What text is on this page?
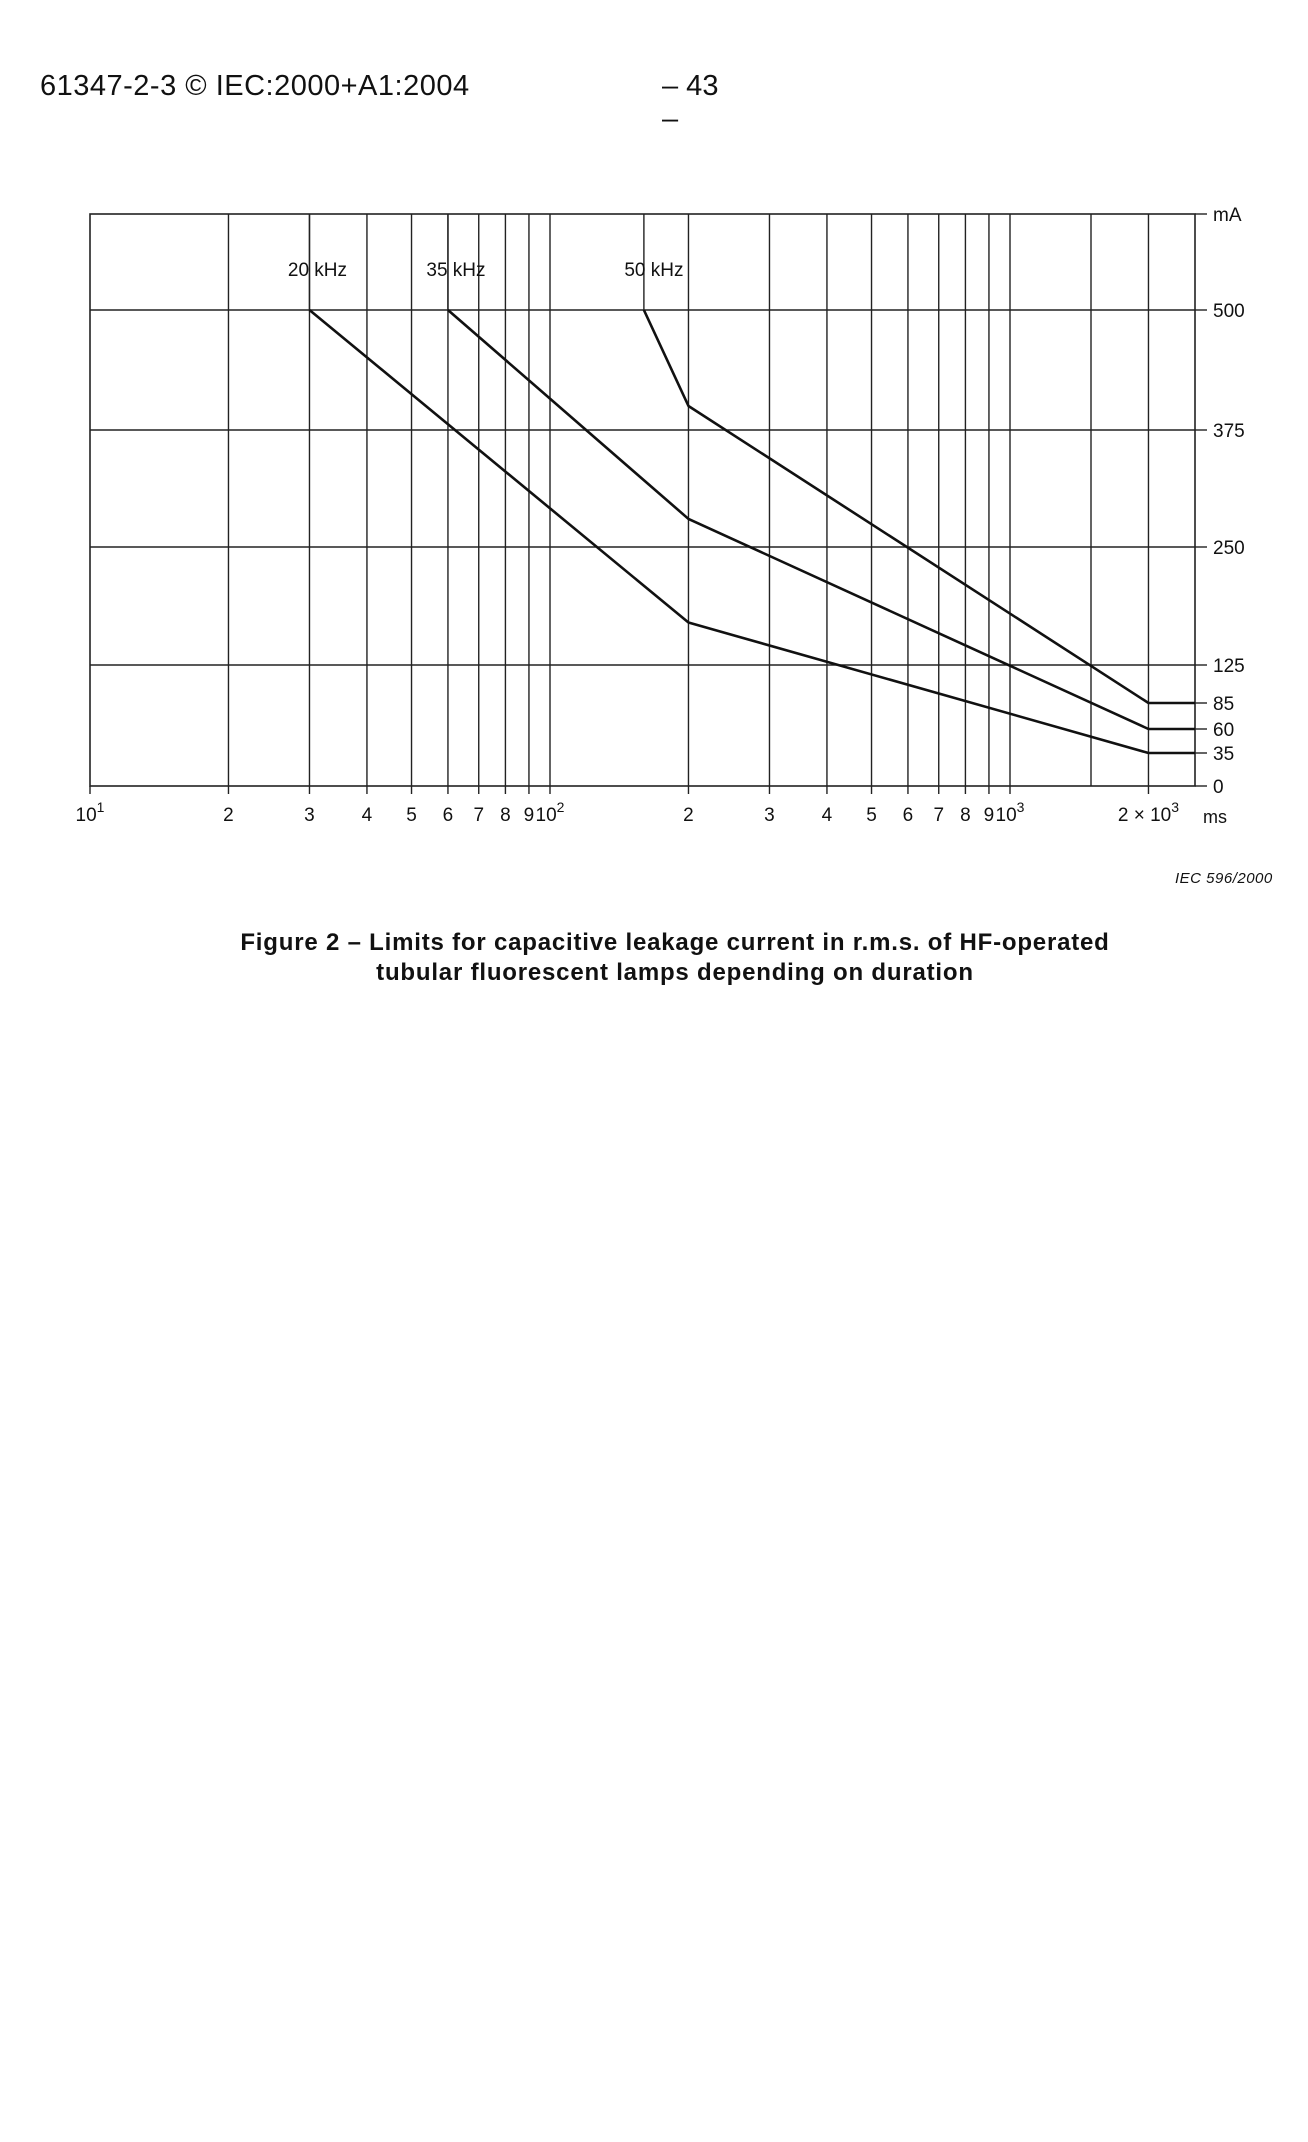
61347-2-3 © IEC:2000+A1:2004	– 43 –
$10^1$	2	3 4 5 6 7 8 9 $10^2$	2	3 4 5 6 7 8 9 $10^3$	$2 \times 10^3$
0
35
60
85
125
250
375
500
mA
ms
20 kHz	35 kHz	50 kHz
IEC 596/2000
Figure 2 – Limits for capacitive leakage current in r.m.s. of HF-operated
tubular fluorescent lamps depending on duration
